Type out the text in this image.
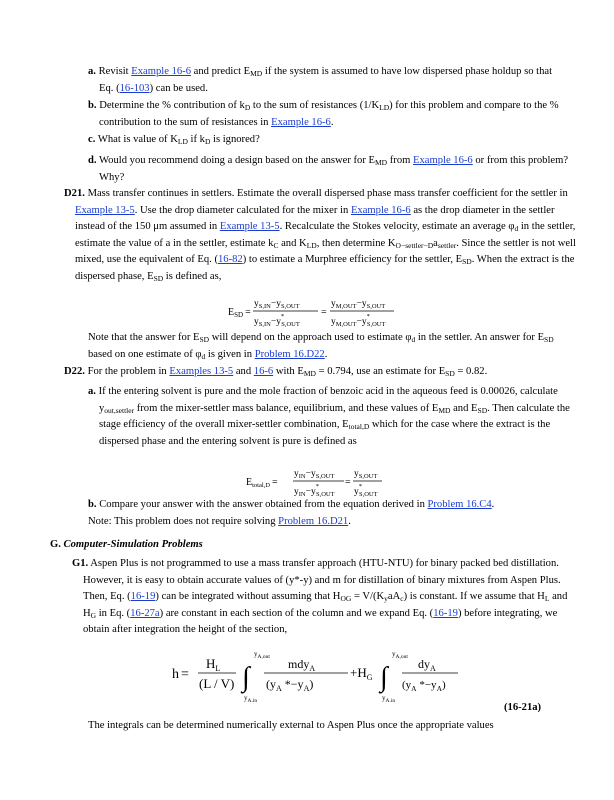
a. Revisit Example 16-6 and predict $E_{MD}$ if the system is assumed to have low dispersed phase holdup so that Eq. (16-103) can be used.
b. Determine the % contribution of $k_D$ to the sum of resistances $(1/K_{LD})$ for this problem and compare to the % contribution to the sum of resistances in Example 16-6.
c. What is value of $K_{LD}$ if $k_D$ is ignored?
d. Would you recommend doing a design based on the answer for $E_{MD}$ from Example 16-6 or from this problem? Why?
D21. Mass transfer continues in settlers. Estimate the overall dispersed phase mass transfer coefficient for the settler in Example 13-5. Use the drop diameter calculated for the mixer in Example 16-6 as the drop diameter in the settler instead of the 150 μm assumed in Example 13-5. Recalculate the Stokes velocity, estimate an average $\varphi_d$ in the settler, estimate the value of a in the settler, estimate $k_C$ and $K_{LD}$, then determine $K_{O-settler-D}a_{settler}$. Since the settler is not well mixed, use the equivalent of Eq. (16-82) to estimate a Murphree efficiency for the settler, $E_{SD}$. When the extract is the dispersed phase, $E_{SD}$ is defined as,
$E_{SD}$ =
$y_{S,IN}-y_{S,OUT}$
$y_{S,IN}-y^*$ S,OUT
=
$y_{M,OUT}-y_{S,OUT}$
$y_{M,OUT}-y^*$ S,OUT
Note that the answer for $E_{SD}$ will depend on the approach used to estimate $\varphi_d$ in the settler. An answer for $E_{SD}$ based on one estimate of $\varphi_d$ is given in Problem 16.D22.
D22. For the problem in Examples 13-5 and 16-6 with $E_{MD} = 0.794$, use an estimate for $E_{SD} = 0.82$.
a. If the entering solvent is pure and the mole fraction of benzoic acid in the aqueous feed is 0.00026, calculate $y_{out,settler}$ from the mixer-settler mass balance, equilibrium, and these values of $E_{MD}$ and $E_{SD}$. Then calculate the stage efficiency of the overall mixer-settler combination, $E_{total,D}$ which for the case where the extract is the dispersed phase and the entering solvent is pure is defined as
$E_{total,D}$ =
$y_{IN}-y_{S,OUT}$
$y_{IN}-y^*$ S,OUT
=
$y_{S,OUT}$
y* S,OUT
b. Compare your answer with the answer obtained from the equation derived in Problem 16.C4.
Note: This problem does not require solving Problem 16.D21.
G. Computer-Simulation Problems
G1. Aspen Plus is not programmed to use a mass transfer approach (HTU-NTU) for binary packed bed distillation. However, it is easy to obtain accurate values of (y*-y) and m for distillation of binary mixtures from Aspen Plus. Then, Eq. (16-19) can be integrated without assuming that $H_{OG} = V/(K_yaA_c)$ is constant. If we assume that $H_L$ and $H_G$ in Eq. (16-27a) are constant in each section of the column and we expand Eq. (16-19) before integrating, we obtain after integration the height of the section,
h =
$H_L$
(L / V) ∫
$y_{A,out}$
$y_{A,in}$
mdy$_A$
($y_A$ $*-y_A$)
$+H_G$ ∫
$y_{A,out}$
$y_{A,in}$
$dy_A$
($y_A$ $*-y_A$)
(16-21a)
The integrals can be determined numerically external to Aspen Plus once the appropriate values
